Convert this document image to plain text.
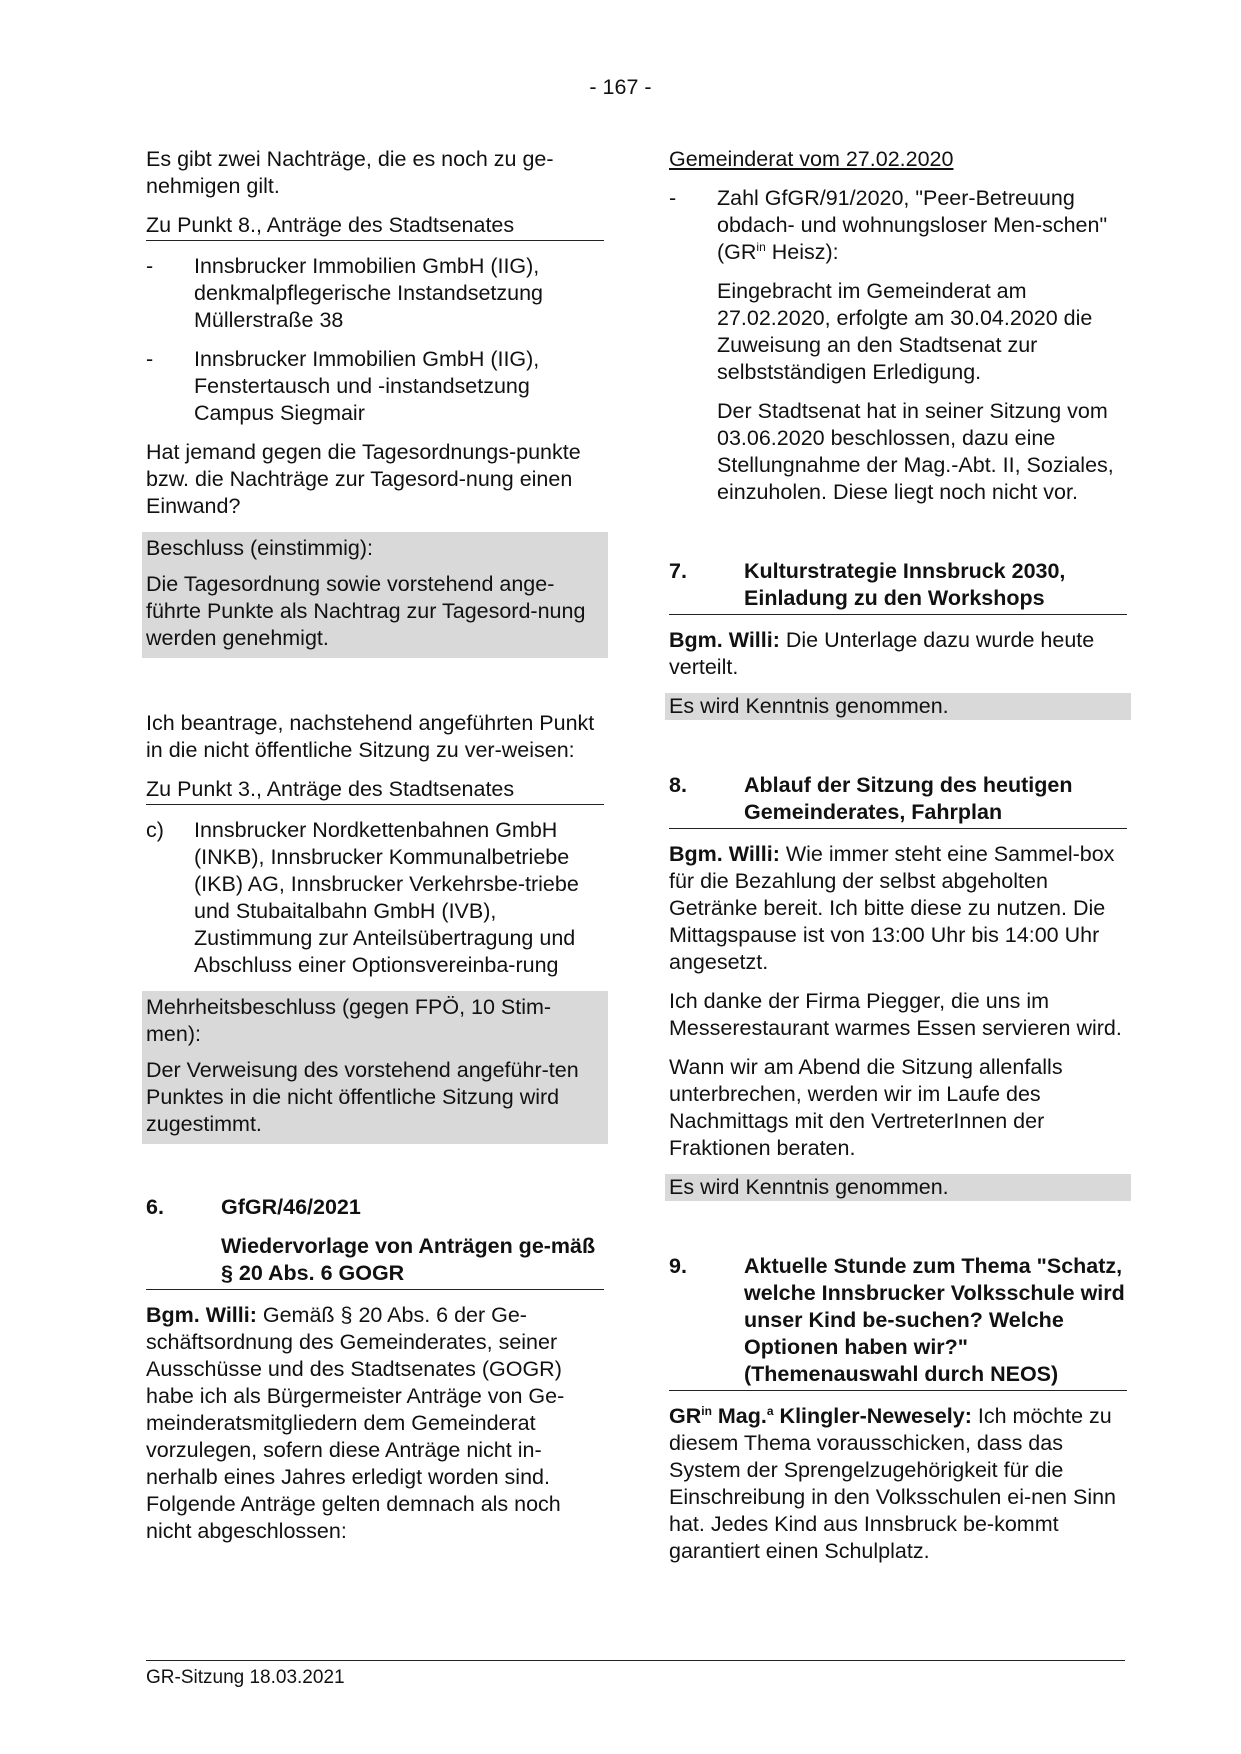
- 167 -

Es gibt zwei Nachträge, die es noch zu ge-nehmigen gilt.

Zu Punkt 8., Anträge des Stadtsenates

-	Innsbrucker Immobilien GmbH (IIG), denkmalpflegerische Instandsetzung Müllerstraße 38
-	Innsbrucker Immobilien GmbH (IIG), Fenstertausch und -instandsetzung Campus Siegmair

Hat jemand gegen die Tagesordnungs-punkte bzw. die Nachträge zur Tagesord-nung einen Einwand?

Beschluss (einstimmig):

Die Tagesordnung sowie vorstehend ange-führte Punkte als Nachtrag zur Tagesord-nung werden genehmigt.

Ich beantrage, nachstehend angeführten Punkt in die nicht öffentliche Sitzung zu ver-weisen:

Zu Punkt 3., Anträge des Stadtsenates

c)	Innsbrucker Nordkettenbahnen GmbH (INKB), Innsbrucker Kommunalbetriebe (IKB) AG, Innsbrucker Verkehrsbe-triebe und Stubaitalbahn GmbH (IVB), Zustimmung zur Anteilsübertragung und Abschluss einer Optionsvereinba-rung

Mehrheitsbeschluss (gegen FPÖ, 10 Stim-men):

Der Verweisung des vorstehend angeführ-ten Punktes in die nicht öffentliche Sitzung wird zugestimmt.

6.	GfGR/46/2021
Wiedervorlage von Anträgen ge-mäß § 20 Abs. 6 GOGR

Bgm. Willi: Gemäß § 20 Abs. 6 der Ge-schäftsordnung des Gemeinderates, seiner Ausschüsse und des Stadtsenates (GOGR) habe ich als Bürgermeister Anträge von Ge-meinderatsmitgliedern dem Gemeinderat vorzulegen, sofern diese Anträge nicht in-nerhalb eines Jahres erledigt worden sind. Folgende Anträge gelten demnach als noch nicht abgeschlossen:

Gemeinderat vom 27.02.2020

-	Zahl GfGR/91/2020, "Peer-Betreuung obdach- und wohnungsloser Men-schen" ($GR^{in}$ Heisz):

Eingebracht im Gemeinderat am 27.02.2020, erfolgte am 30.04.2020 die Zuweisung an den Stadtsenat zur selbstständigen Erledigung.

Der Stadtsenat hat in seiner Sitzung vom 03.06.2020 beschlossen, dazu eine Stellungnahme der Mag.-Abt. II, Soziales, einzuholen. Diese liegt noch nicht vor.

7.	Kulturstrategie Innsbruck 2030, Einladung zu den Workshops

Bgm. Willi: Die Unterlage dazu wurde heute verteilt.

Es wird Kenntnis genommen.

8.	Ablauf der Sitzung des heutigen Gemeinderates, Fahrplan

Bgm. Willi: Wie immer steht eine Sammel-box für die Bezahlung der selbst abgeholten Getränke bereit. Ich bitte diese zu nutzen. Die Mittagspause ist von 13:00 Uhr bis 14:00 Uhr angesetzt.

Ich danke der Firma Piegger, die uns im Messerestaurant warmes Essen servieren wird.

Wann wir am Abend die Sitzung allenfalls unterbrechen, werden wir im Laufe des Nachmittags mit den VertreterInnen der Fraktionen beraten.

Es wird Kenntnis genommen.

9.	Aktuelle Stunde zum Thema "Schatz, welche Innsbrucker Volksschule wird unser Kind be-suchen? Welche Optionen haben wir?" (Themenauswahl durch NEOS)

$GR^{in}$ Mag.$^a$ Klingler-Newesely: Ich möchte zu diesem Thema vorausschicken, dass das System der Sprengelzugehörigkeit für die Einschreibung in den Volksschulen ei-nen Sinn hat. Jedes Kind aus Innsbruck be-kommt garantiert einen Schulplatz.

GR-Sitzung 18.03.2021
